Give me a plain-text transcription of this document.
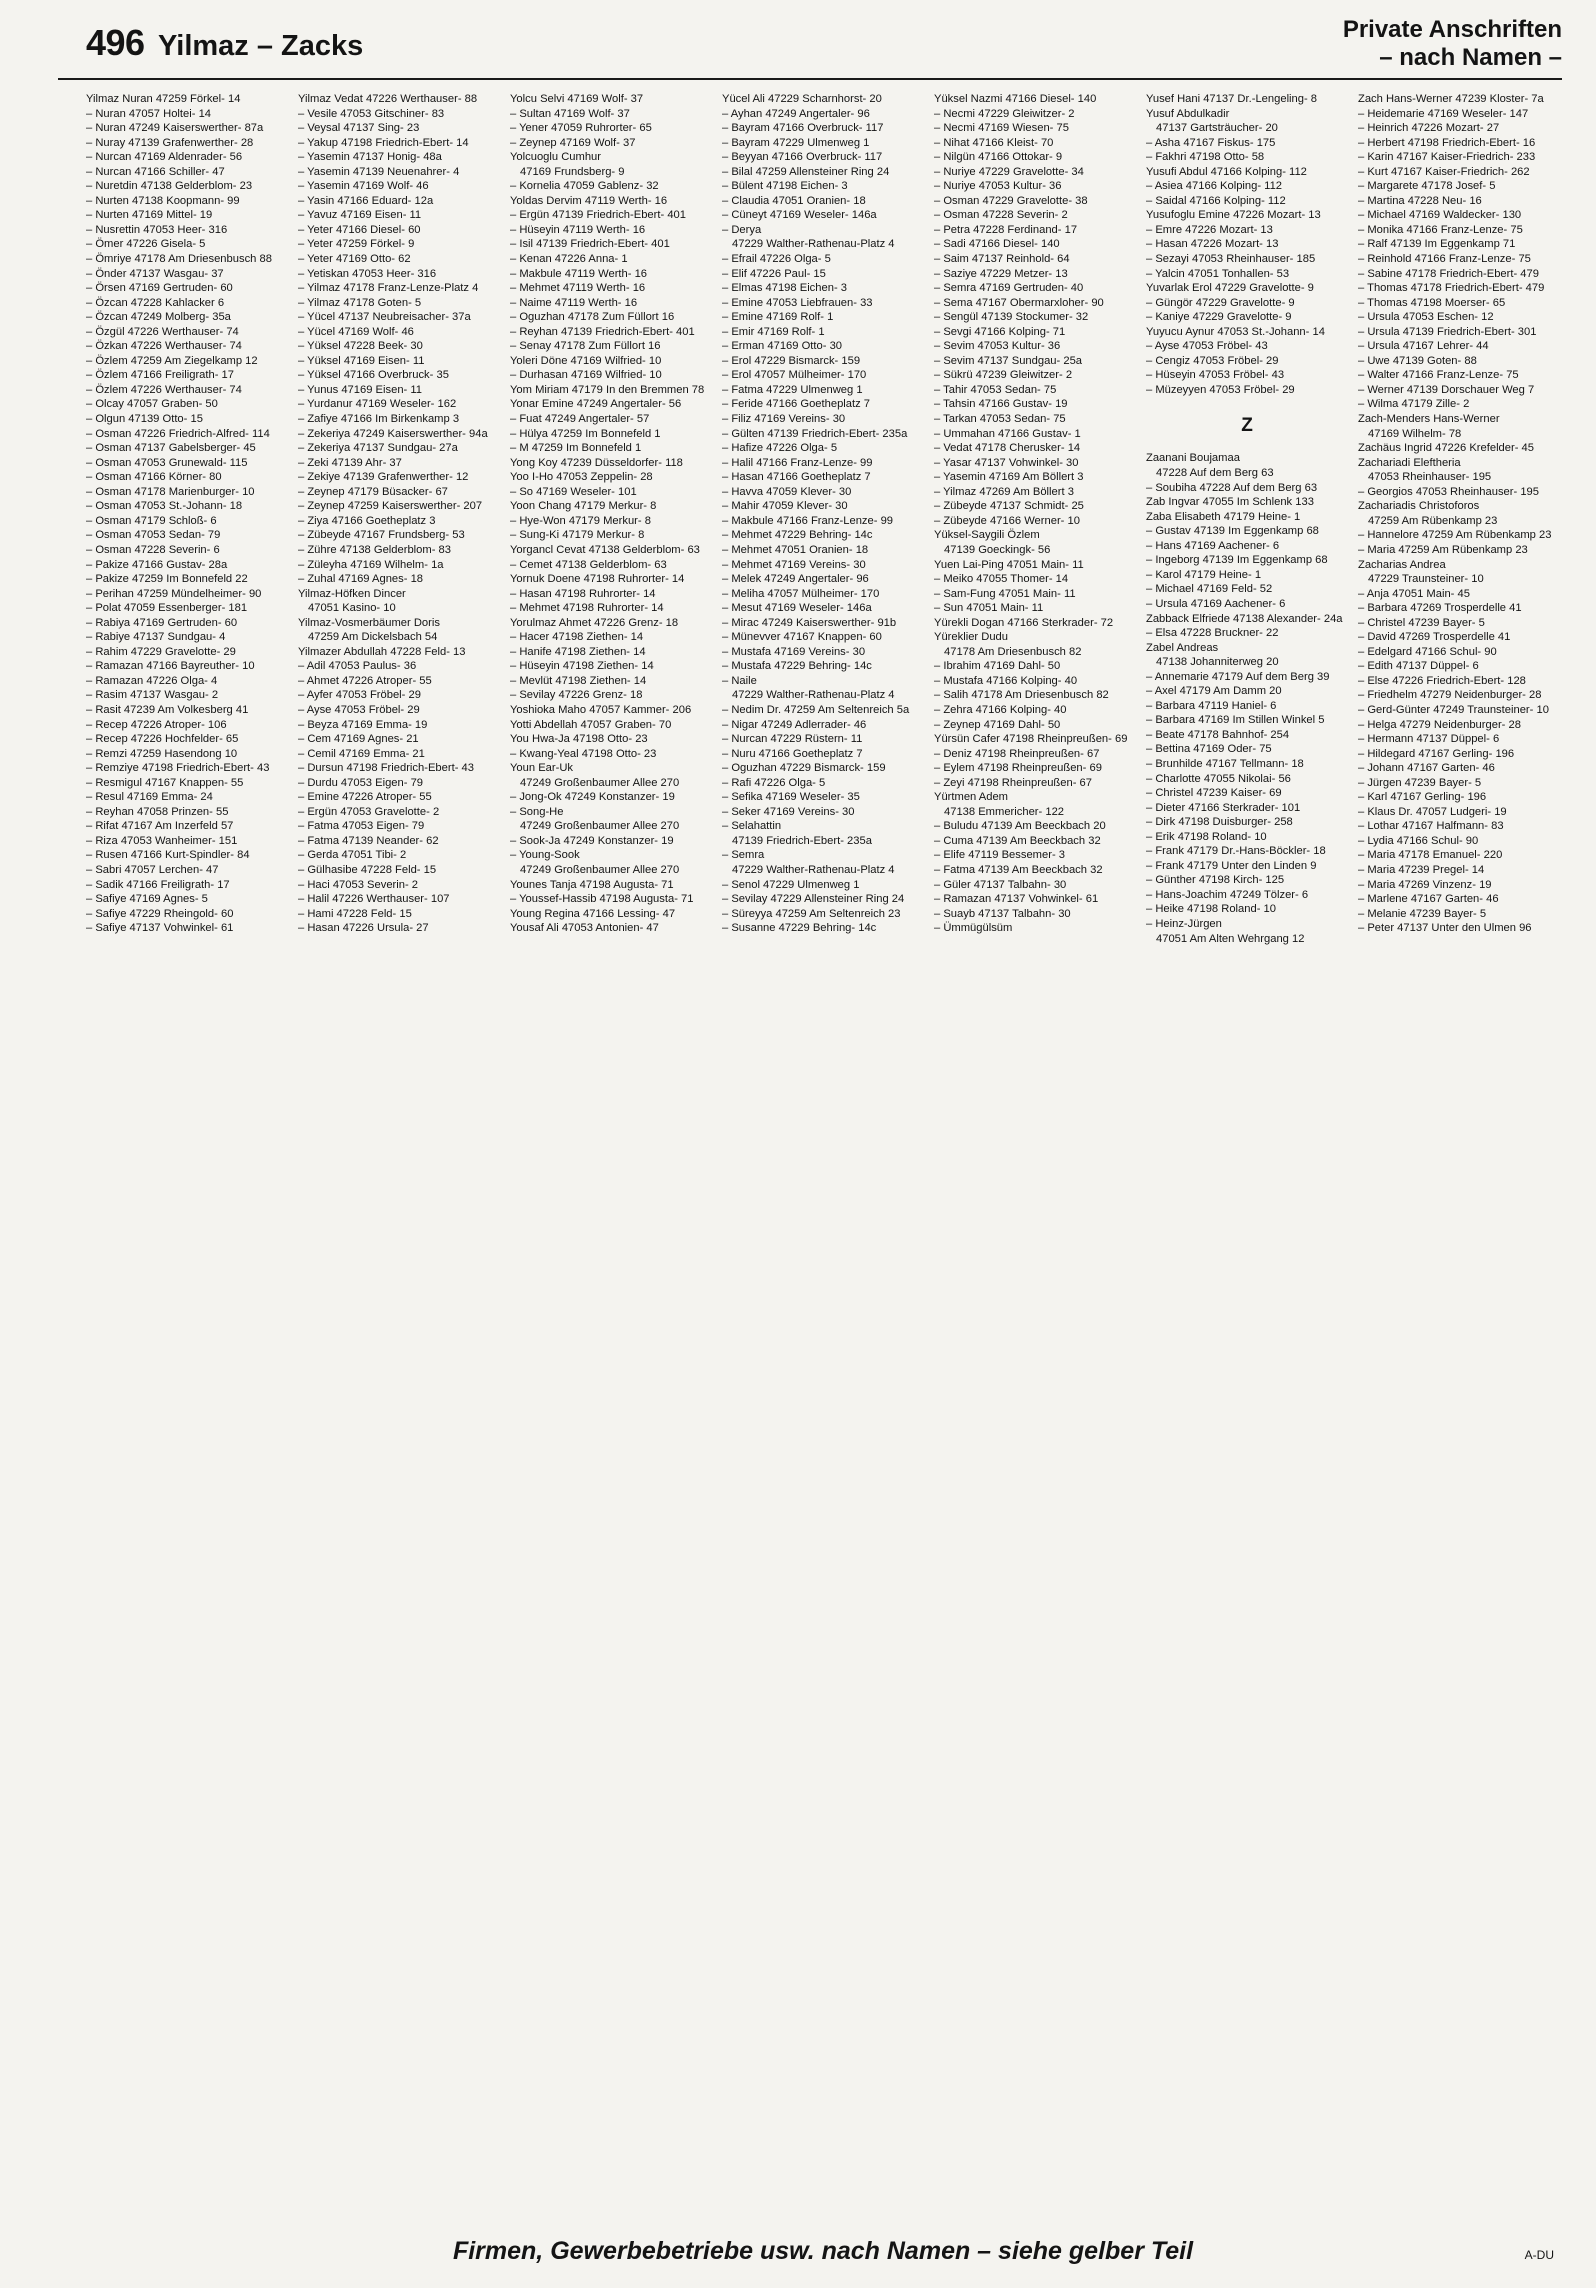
496 Yilmaz – Zacks
Private Anschriften
– nach Namen –
Yilmaz Nuran 47259 Förkel- 14
– Nuran 47057 Holtei- 14
– Nuran 47249 Kaiserswerther- 87a
– Nuray 47139 Grafenwerther- 28
– Nurcan 47169 Aldenrader- 56
– Nurcan 47166 Schiller- 47
– Nuretdin 47138 Gelderblom- 23
– Nurten 47138 Koopmann- 99
– Nurten 47169 Mittel- 19
– Nusrettin 47053 Heer- 316
– Ömer 47226 Gisela- 5
– Ömriye 47178 Am Driesenbusch 88
– Önder 47137 Wasgau- 37
– Örsen 47169 Gertruden- 60
– Özcan 47228 Kahlacker 6
– Özcan 47249 Molberg- 35a
– Özgül 47226 Werthauser- 74
– Özkan 47226 Werthauser- 74
– Özlem 47259 Am Ziegelkamp 12
– Özlem 47166 Freiligrath- 17
– Özlem 47226 Werthauser- 74
– Olcay 47057 Graben- 50
– Olgun 47139 Otto- 15
– Osman 47226 Friedrich-Alfred- 114
– Osman 47137 Gabelsberger- 45
– Osman 47053 Grunewald- 115
– Osman 47166 Körner- 80
– Osman 47178 Marienburger- 10
– Osman 47053 St.-Johann- 18
– Osman 47179 Schloß- 6
– Osman 47053 Sedan- 79
– Osman 47228 Severin- 6
– Pakize 47166 Gustav- 28a
– Pakize 47259 Im Bonnefeld 22
– Perihan 47259 Mündelheimer- 90
– Polat 47059 Essenberger- 181
– Rabiya 47169 Gertruden- 60
– Rabiye 47137 Sundgau- 4
– Rahim 47229 Gravelotte- 29
– Ramazan 47166 Bayreuther- 10
– Ramazan 47226 Olga- 4
– Rasim 47137 Wasgau- 2
– Rasit 47239 Am Volkesberg 41
– Recep 47226 Atroper- 106
– Recep 47226 Hochfelder- 65
– Remzi 47259 Hasendong 10
– Remziye 47198 Friedrich-Ebert- 43
– Resmigul 47167 Knappen- 55
– Resul 47169 Emma- 24
– Reyhan 47058 Prinzen- 55
– Rifat 47167 Am Inzerfeld 57
– Riza 47053 Wanheimer- 151
– Rusen 47166 Kurt-Spindler- 84
– Sabri 47057 Lerchen- 47
– Sadik 47166 Freiligrath- 17
– Safiye 47169 Agnes- 5
– Safiye 47229 Rheingold- 60
– Safiye 47137 Vohwinkel- 61
Yilmaz Vedat 47226 Werthauser- 88
– Vesile 47053 Gitschiner- 83
– Veysal 47137 Sing- 23
– Yakup 47198 Friedrich-Ebert- 14
– Yasemin 47137 Honig- 48a
– Yasemin 47139 Neuenahrer- 4
– Yasemin 47169 Wolf- 46
– Yasin 47166 Eduard- 12a
– Yavuz 47169 Eisen- 11
– Yeter 47166 Diesel- 60
– Yeter 47259 Förkel- 9
– Yeter 47169 Otto- 62
– Yetiskan 47053 Heer- 316
– Yilmaz 47178 Franz-Lenze-Platz 4
– Yilmaz 47178 Goten- 5
– Yücel 47137 Neubreisacher- 37a
– Yücel 47169 Wolf- 46
– Yüksel 47228 Beek- 30
– Yüksel 47169 Eisen- 11
– Yüksel 47166 Overbruck- 35
– Yunus 47169 Eisen- 11
– Yurdanur 47169 Weseler- 162
– Zafiye 47166 Im Birkenkamp 3
– Zekeriya 47249 Kaiserswerther- 94a
– Zekeriya 47137 Sundgau- 27a
– Zeki 47139 Ahr- 37
– Zekiye 47139 Grafenwerther- 12
– Zeynep 47179 Büsacker- 67
– Zeynep 47259 Kaiserswerther- 207
– Ziya 47166 Goetheplatz 3
– Zübeyde 47167 Frundsberg- 53
– Zühre 47138 Gelderblom- 83
– Züleyha 47169 Wilhelm- 1a
– Zuhal 47169 Agnes- 18
Yilmaz-Höfken Dincer
47051 Kasino- 10
Yilmaz-Vosmerbäumer Doris
47259 Am Dickelsbach 54
Yilmazer Abdullah 47228 Feld- 13
– Adil 47053 Paulus- 36
– Ahmet 47226 Atroper- 55
– Ayfer 47053 Fröbel- 29
– Ayse 47053 Fröbel- 29
– Beyza 47169 Emma- 19
– Cem 47169 Agnes- 21
– Cemil 47169 Emma- 21
– Dursun 47198 Friedrich-Ebert- 43
– Durdu 47053 Eigen- 79
– Emine 47226 Atroper- 55
– Ergün 47053 Gravelotte- 2
– Fatma 47053 Eigen- 79
– Fatma 47139 Neander- 62
– Gerda 47051 Tibi- 2
– Gülhasibe 47228 Feld- 15
– Haci 47053 Severin- 2
– Halil 47226 Werthauser- 107
– Hami 47228 Feld- 15
– Hasan 47226 Ursula- 27
Yolcu Selvi 47169 Wolf- 37
– Sultan 47169 Wolf- 37
– Yener 47059 Ruhrorter- 65
– Zeynep 47169 Wolf- 37
Yolcuoglu Cumhur
47169 Frundsberg- 9
– Kornelia 47059 Gablenz- 32
Yoldas Dervim 47119 Werth- 16
– Ergün 47139 Friedrich-Ebert- 401
– Hüseyin 47119 Werth- 16
– Isil 47139 Friedrich-Ebert- 401
– Kenan 47226 Anna- 1
– Makbule 47119 Werth- 16
– Mehmet 47119 Werth- 16
– Naime 47119 Werth- 16
– Oguzhan 47178 Zum Füllort 16
– Reyhan 47139 Friedrich-Ebert- 401
– Senay 47178 Zum Füllort 16
Yoleri Döne 47169 Wilfried- 10
– Durhasan 47169 Wilfried- 10
Yom Miriam 47179 In den Bremmen 78
Yonar Emine 47249 Angertaler- 56
– Fuat 47249 Angertaler- 57
– Hülya 47259 Im Bonnefeld 1
– M 47259 Im Bonnefeld 1
Yong Koy 47239 Düsseldorfer- 118
Yoo I-Ho 47053 Zeppelin- 28
– So 47169 Weseler- 101
Yoon Chang 47179 Merkur- 8
– Hye-Won 47179 Merkur- 8
– Sung-Ki 47179 Merkur- 8
Yorgancl Cevat 47138 Gelderblom- 63
– Cemet 47138 Gelderblom- 63
Yornuk Doene 47198 Ruhrorter- 14
– Hasan 47198 Ruhrorter- 14
– Mehmet 47198 Ruhrorter- 14
Yorulmaz Ahmet 47226 Grenz- 18
– Hacer 47198 Ziethen- 14
– Hanife 47198 Ziethen- 14
– Hüseyin 47198 Ziethen- 14
– Mevlüt 47198 Ziethen- 14
– Sevilay 47226 Grenz- 18
Yoshioka Maho 47057 Kammer- 206
Yotti Abdellah 47057 Graben- 70
You Hwa-Ja 47198 Otto- 23
– Kwang-Yeal 47198 Otto- 23
Youn Ear-Uk
47249 Großenbaumer Allee 270
– Jong-Ok 47249 Konstanzer- 19
– Song-He
47249 Großenbaumer Allee 270
– Sook-Ja 47249 Konstanzer- 19
– Young-Sook
47249 Großenbaumer Allee 270
Younes Tanja 47198 Augusta- 71
– Youssef-Hassib 47198 Augusta- 71
Young Regina 47166 Lessing- 47
Yousaf Ali 47053 Antonien- 47
Yücel Ali 47229 Scharnhorst- 20
– Ayhan 47249 Angertaler- 96
– Bayram 47166 Overbruck- 117
– Bayram 47229 Ulmenweg 1
– Beyyan 47166 Overbruck- 117
– Bilal 47259 Allensteiner Ring 24
– Bülent 47198 Eichen- 3
– Claudia 47051 Oranien- 18
– Cüneyt 47169 Weseler- 146a
– Derya
47229 Walther-Rathenau-Platz 4
– Efrail 47226 Olga- 5
– Elif 47226 Paul- 15
– Elmas 47198 Eichen- 3
– Emine 47053 Liebfrauen- 33
– Emine 47169 Rolf- 1
– Emir 47169 Rolf- 1
– Erman 47169 Otto- 30
– Erol 47229 Bismarck- 159
– Erol 47057 Mülheimer- 170
– Fatma 47229 Ulmenweg 1
– Feride 47166 Goetheplatz 7
– Filiz 47169 Vereins- 30
– Gülten 47139 Friedrich-Ebert- 235a
– Hafize 47226 Olga- 5
– Halil 47166 Franz-Lenze- 99
– Hasan 47166 Goetheplatz 7
– Havva 47059 Klever- 30
– Mahir 47059 Klever- 30
– Makbule 47166 Franz-Lenze- 99
– Mehmet 47229 Behring- 14c
– Mehmet 47051 Oranien- 18
– Mehmet 47169 Vereins- 30
– Melek 47249 Angertaler- 96
– Meliha 47057 Mülheimer- 170
– Mesut 47169 Weseler- 146a
– Mirac 47249 Kaiserswerther- 91b
– Münevver 47167 Knappen- 60
– Mustafa 47169 Vereins- 30
– Mustafa 47229 Behring- 14c
– Naile
47229 Walther-Rathenau-Platz 4
– Nedim Dr. 47259 Am Seltenreich 5a
– Nigar 47249 Adlerrader- 46
– Nurcan 47229 Rüstern- 11
– Nuru 47166 Goetheplatz 7
– Oguzhan 47229 Bismarck- 159
– Rafi 47226 Olga- 5
– Sefika 47169 Weseler- 35
– Seker 47169 Vereins- 30
– Selahattin
47139 Friedrich-Ebert- 235a
– Semra
47229 Walther-Rathenau-Platz 4
– Senol 47229 Ulmenweg 1
– Sevilay 47229 Allensteiner Ring 24
– Süreyya 47259 Am Seltenreich 23
– Susanne 47229 Behring- 14c
Yüksel Nazmi 47166 Diesel- 140
– Necmi 47229 Gleiwitzer- 2
– Necmi 47169 Wiesen- 75
– Nihat 47166 Kleist- 70
– Nilgün 47166 Ottokar- 9
– Nuriye 47229 Gravelotte- 34
– Nuriye 47053 Kultur- 36
– Osman 47229 Gravelotte- 38
– Osman 47228 Severin- 2
– Petra 47228 Ferdinand- 17
– Sadi 47166 Diesel- 140
– Saim 47137 Reinhold- 64
– Saziye 47229 Metzer- 13
– Semra 47169 Gertruden- 40
– Sema 47167 Obermarxloher- 90
– Sengül 47139 Stockumer- 32
– Sevgi 47166 Kolping- 71
– Sevim 47053 Kultur- 36
– Sevim 47137 Sundgau- 25a
– Sükrü 47239 Gleiwitzer- 2
– Tahir 47053 Sedan- 75
– Tahsin 47166 Gustav- 19
– Tarkan 47053 Sedan- 75
– Ummahan 47166 Gustav- 1
– Vedat 47178 Cherusker- 14
– Yasar 47137 Vohwinkel- 30
– Yasemin 47169 Am Böllert 3
– Yilmaz 47269 Am Böllert 3
– Zübeyde 47137 Schmidt- 25
– Zübeyde 47166 Werner- 10
Yüksel-Saygili Özlem
47139 Goeckingk- 56
Yuen Lai-Ping 47051 Main- 11
– Meiko 47055 Thomer- 14
– Sam-Fung 47051 Main- 11
– Sun 47051 Main- 11
Yürekli Dogan 47166 Sterkrader- 72
Yüreklier Dudu
47178 Am Driesenbusch 82
– Ibrahim 47169 Dahl- 50
– Mustafa 47166 Kolping- 40
– Salih 47178 Am Driesenbusch 82
– Zehra 47166 Kolping- 40
– Zeynep 47169 Dahl- 50
Yürsün Cafer 47198 Rheinpreußen- 69
– Deniz 47198 Rheinpreußen- 67
– Eylem 47198 Rheinpreußen- 69
– Zeyi 47198 Rheinpreußen- 67
Yürtmen Adem
47138 Emmericher- 122
– Buludu 47139 Am Beeckbach 20
– Cuma 47139 Am Beeckbach 32
– Elife 47119 Bessemer- 3
– Fatma 47139 Am Beeckbach 32
– Güler 47137 Talbahn- 30
– Ramazan 47137 Vohwinkel- 61
– Suayb 47137 Talbahn- 30
– Ümmügülsüm
Yusef Hani 47137 Dr.-Lengeling- 8
Yusuf Abdulkadir
47137 Gartsträucher- 20
– Asha 47167 Fiskus- 175
– Fakhri 47198 Otto- 58
Yusufi Abdul 47166 Kolping- 112
– Asiea 47166 Kolping- 112
– Saidal 47166 Kolping- 112
Yusufoglu Emine 47226 Mozart- 13
– Emre 47226 Mozart- 13
– Hasan 47226 Mozart- 13
– Sezayi 47053 Rheinhauser- 185
– Yalcin 47051 Tonhallen- 53
Yuvarlak Erol 47229 Gravelotte- 9
– Güngör 47229 Gravelotte- 9
– Kaniye 47229 Gravelotte- 9
Yuyucu Aynur 47053 St.-Johann- 14
– Ayse 47053 Fröbel- 43
– Cengiz 47053 Fröbel- 29
– Hüseyin 47053 Fröbel- 43
– Müzeyyen 47053 Fröbel- 29
Z
Zaanani Boujamaa
47228 Auf dem Berg 63
– Soubiha 47228 Auf dem Berg 63
Zab Ingvar 47055 Im Schlenk 133
Zaba Elisabeth 47179 Heine- 1
– Gustav 47139 Im Eggenkamp 68
– Hans 47169 Aachener- 6
– Ingeborg 47139 Im Eggenkamp 68
– Karol 47179 Heine- 1
– Michael 47169 Feld- 52
– Ursula 47169 Aachener- 6
Zabback Elfriede 47138 Alexander- 24a
– Elsa 47228 Bruckner- 22
Zabel Andreas
47138 Johanniterweg 20
– Annemarie 47179 Auf dem Berg 39
– Axel 47179 Am Damm 20
– Barbara 47119 Haniel- 6
– Barbara 47169 Im Stillen Winkel 5
– Beate 47178 Bahnhof- 254
– Bettina 47169 Oder- 75
– Brunhilde 47167 Tellmann- 18
– Charlotte 47055 Nikolai- 56
– Christel 47239 Kaiser- 69
– Dieter 47166 Sterkrader- 101
– Dirk 47198 Duisburger- 258
– Erik 47198 Roland- 10
– Frank 47179 Dr.-Hans-Böckler- 18
– Frank 47179 Unter den Linden 9
– Günther 47198 Kirch- 125
– Hans-Joachim 47249 Tölzer- 6
– Heike 47198 Roland- 10
– Heinz-Jürgen
47051 Am Alten Wehrgang 12
Zach Hans-Werner 47239 Kloster- 7a
– Heidemarie 47169 Weseler- 147
– Heinrich 47226 Mozart- 27
– Herbert 47198 Friedrich-Ebert- 16
– Karin 47167 Kaiser-Friedrich- 233
– Kurt 47167 Kaiser-Friedrich- 262
– Margarete 47178 Josef- 5
– Martina 47228 Neu- 16
– Michael 47169 Waldecker- 130
– Monika 47166 Franz-Lenze- 75
– Ralf 47139 Im Eggenkamp 71
– Reinhold 47166 Franz-Lenze- 75
– Sabine 47178 Friedrich-Ebert- 479
– Thomas 47178 Friedrich-Ebert- 479
– Thomas 47198 Moerser- 65
– Ursula 47053 Eschen- 12
– Ursula 47139 Friedrich-Ebert- 301
– Ursula 47167 Lehrer- 44
– Uwe 47139 Goten- 88
– Walter 47166 Franz-Lenze- 75
– Werner 47139 Dorschauer Weg 7
– Wilma 47179 Zille- 2
Zach-Menders Hans-Werner
47169 Wilhelm- 78
Zachäus Ingrid 47226 Krefelder- 45
Zachariadi Eleftheria
47053 Rheinhauser- 195
– Georgios 47053 Rheinhauser- 195
Zachariadis Christoforos
47259 Am Rübenkamp 23
– Hannelore 47259 Am Rübenkamp 23
– Maria 47259 Am Rübenkamp 23
Zacharias Andrea
47229 Traunsteiner- 10
– Anja 47051 Main- 45
– Barbara 47269 Trosperdelle 41
– Christel 47239 Bayer- 5
– David 47269 Trosperdelle 41
– Edelgard 47166 Schul- 90
– Edith 47137 Düppel- 6
– Else 47226 Friedrich-Ebert- 128
– Friedhelm 47279 Neidenburger- 28
– Gerd-Günter 47249 Traunsteiner- 10
– Helga 47279 Neidenburger- 28
– Hermann 47137 Düppel- 6
– Hildegard 47167 Gerling- 196
– Johann 47167 Garten- 46
– Jürgen 47239 Bayer- 5
– Karl 47167 Gerling- 196
– Klaus Dr. 47057 Ludgeri- 19
– Lothar 47167 Halfmann- 83
– Lydia 47166 Schul- 90
– Maria 47178 Emanuel- 220
– Maria 47239 Pregel- 14
– Maria 47269 Vinzenz- 19
– Marlene 47167 Garten- 46
– Melanie 47239 Bayer- 5
– Peter 47137 Unter den Ulmen 96
Firmen, Gewerbebetriebe usw. nach Namen – siehe gelber Teil	A-DU
